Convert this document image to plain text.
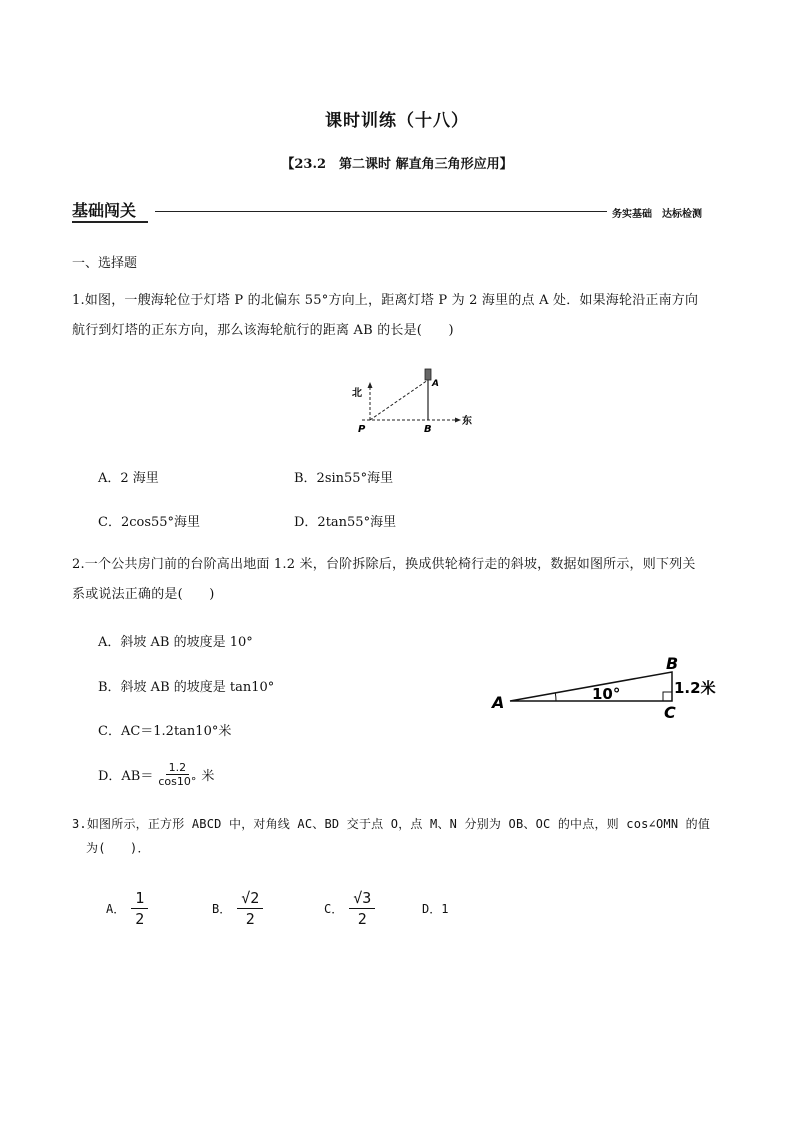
课时训练（十八）
【23.2　第二课时 解直角三角形应用】
基础闯关	务实基础　达标检测
一、选择题
1.如图，一艘海轮位于灯塔 P 的北偏东 55°方向上，距离灯塔 P 为 2 海里的点 A 处．如果海轮沿正南方向
航行到灯塔的正东方向，那么该海轮航行的距离 AB 的长是(　　)
北
东
P
A
B
A．2 海里	B．2sin55°海里
C．2cos55°海里	D．2tan55°海里
2.一个公共房门前的台阶高出地面 1.2 米，台阶拆除后，换成供轮椅行走的斜坡，数据如图所示，则下列关
系或说法正确的是(　　)
A．斜坡 AB 的坡度是 10°
B．斜坡 AB 的坡度是 tan10°
C．AC＝1.2tan10°米
D．$AB= \frac{1.2}{\cos 10^\circ}$ 米
A
B
C
10°	1.2米
3.如图所示，正方形 ABCD 中，对角线 AC、BD 交于点 O，点 M、N 分别为 OB、OC 的中点，则 cos∠OMN 的值
为(　　)．
A． $\frac{1}{2}$	B． $\frac{√2}{2}$	C． $\frac{√3}{2}$	D．1
